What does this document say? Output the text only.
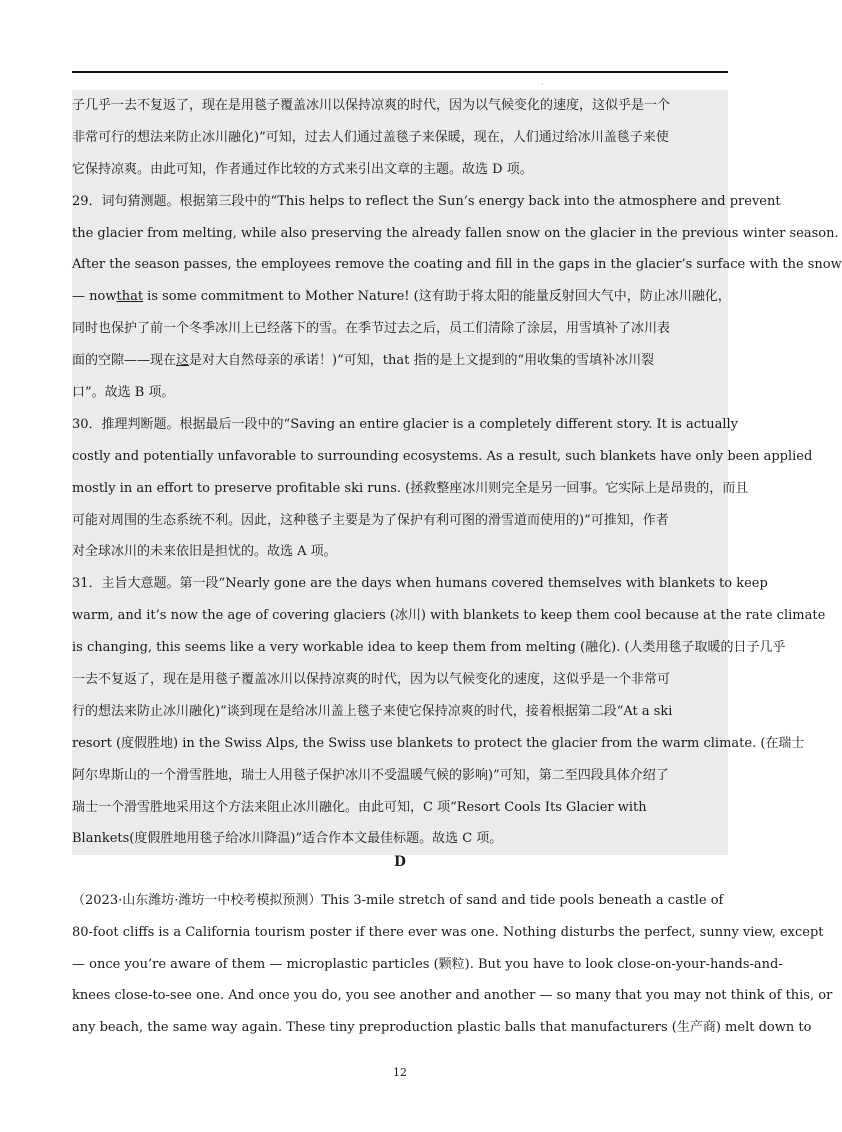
·
子几乎一去不复返了，现在是用毯子覆盖冰川以保持凉爽的时代，因为以气候变化的速度，这似乎是一个
非常可行的想法来防止冰川融化)”可知，过去人们通过盖毯子来保暖，现在，人们通过给冰川盖毯子来使
它保持凉爽。由此可知，作者通过作比较的方式来引出文章的主题。故选 D 项。
29．词句猜测题。根据第三段中的“This helps to reflect the Sun’s energy back into the atmosphere and prevent
the glacier from melting, while also preserving the already fallen snow on the glacier in the previous winter season.
After the season passes, the employees remove the coating and fill in the gaps in the glacier’s surface with the snow
— nowthat is some commitment to Mother Nature! (这有助于将太阳的能量反射回大气中，防止冰川融化，
同时也保护了前一个冬季冰川上已经落下的雪。在季节过去之后，员工们清除了涂层，用雪填补了冰川表
面的空隙——现在这是对大自然母亲的承诺！)”可知，that 指的是上文提到的“用收集的雪填补冰川裂
口”。故选 B 项。
30．推理判断题。根据最后一段中的“Saving an entire glacier is a completely different story. It is actually
costly and potentially unfavorable to surrounding ecosystems. As a result, such blankets have only been applied
mostly in an effort to preserve profitable ski runs. (拯救整座冰川则完全是另一回事。它实际上是昂贵的，而且
可能对周围的生态系统不利。因此，这种毯子主要是为了保护有利可图的滑雪道而使用的)”可推知，作者
对全球冰川的未来依旧是担忧的。故选 A 项。
31．主旨大意题。第一段“Nearly gone are the days when humans covered themselves with blankets to keep
warm, and it’s now the age of covering glaciers (冰川) with blankets to keep them cool because at the rate climate
is changing, this seems like a very workable idea to keep them from melting (融化). (人类用毯子取暖的日子几乎
一去不复返了，现在是用毯子覆盖冰川以保持凉爽的时代，因为以气候变化的速度，这似乎是一个非常可
行的想法来防止冰川融化)”谈到现在是给冰川盖上毯子来使它保持凉爽的时代，接着根据第二段“At a ski
resort (度假胜地) in the Swiss Alps, the Swiss use blankets to protect the glacier from the warm climate. (在瑞士
阿尔卑斯山的一个滑雪胜地，瑞士人用毯子保护冰川不受温暖气候的影响)”可知，第二至四段具体介绍了
瑞士一个滑雪胜地采用这个方法来阻止冰川融化。由此可知，C 项“Resort Cools Its Glacier with
Blankets(度假胜地用毯子给冰川降温)”适合作本文最佳标题。故选 C 项。
D
（2023·山东潍坊·潍坊一中校考模拟预测）This 3-mile stretch of sand and tide pools beneath a castle of
80-foot cliffs is a California tourism poster if there ever was one. Nothing disturbs the perfect, sunny view, except
— once you’re aware of them — microplastic particles (颗粒). But you have to look close-on-your-hands-and-
knees close-to-see one. And once you do, you see another and another — so many that you may not think of this, or
any beach, the same way again. These tiny preproduction plastic balls that manufacturers (生产商) melt down to
12
